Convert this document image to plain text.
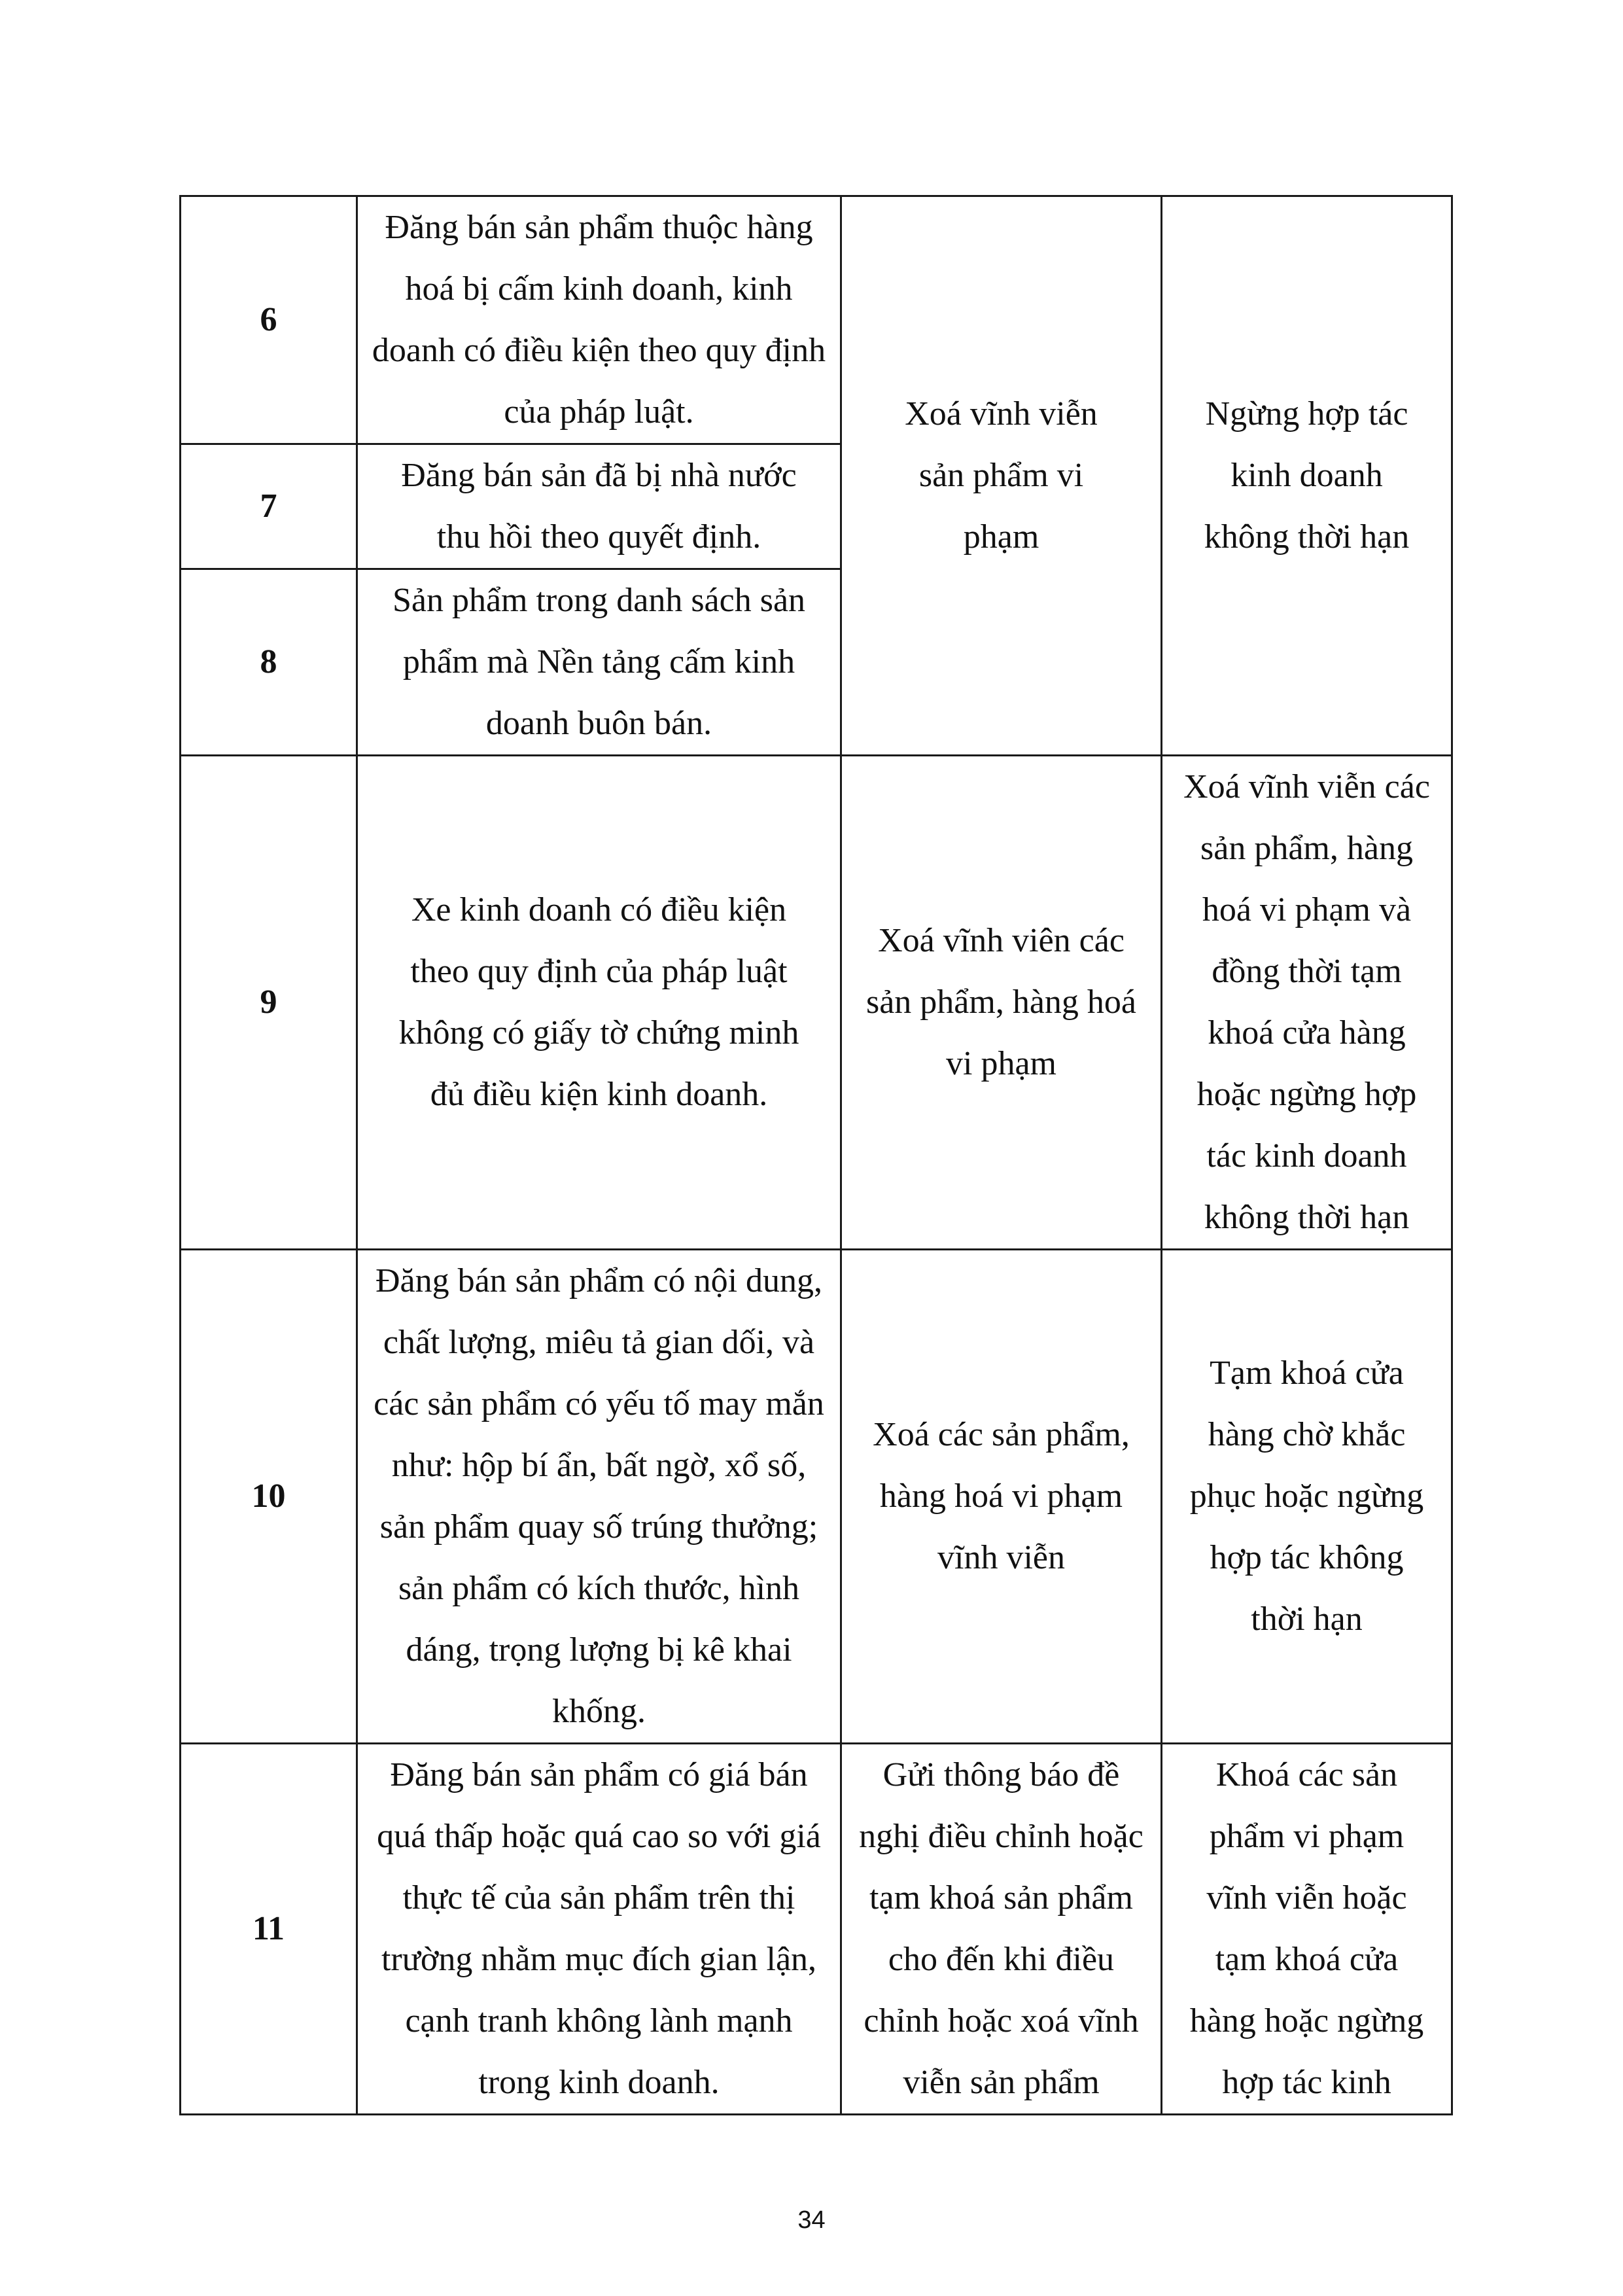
6	Đăng bán sản phẩm thuộc hàng hoá bị cấm kinh doanh, kinh doanh có điều kiện theo quy định của pháp luật.	Xoá vĩnh viễn sản phẩm vi phạm	Ngừng hợp tác kinh doanh không thời hạn
7	Đăng bán sản đã bị nhà nước thu hồi theo quyết định.		
8	Sản phẩm trong danh sách sản phẩm mà Nền tảng cấm kinh doanh buôn bán.		
9	Xe kinh doanh có điều kiện theo quy định của pháp luật không có giấy tờ chứng minh đủ điều kiện kinh doanh.	Xoá vĩnh viên các sản phẩm, hàng hoá vi phạm	Xoá vĩnh viễn các sản phẩm, hàng hoá vi phạm và đồng thời tạm khoá cửa hàng hoặc ngừng hợp tác kinh doanh không thời hạn
10	Đăng bán sản phẩm có nội dung, chất lượng, miêu tả gian dối, và các sản phẩm có yếu tố may mắn như: hộp bí ẩn, bất ngờ, xổ số, sản phẩm quay số trúng thưởng; sản phẩm có kích thước, hình dáng, trọng lượng bị kê khai khống.	Xoá các sản phẩm, hàng hoá vi phạm vĩnh viễn	Tạm khoá cửa hàng chờ khắc phục hoặc ngừng hợp tác không thời hạn
11	Đăng bán sản phẩm có giá bán quá thấp hoặc quá cao so với giá thực tế của sản phẩm trên thị trường nhằm mục đích gian lận, cạnh tranh không lành mạnh trong kinh doanh.	Gửi thông báo đề nghị điều chỉnh hoặc tạm khoá sản phẩm cho đến khi điều chỉnh hoặc xoá vĩnh viễn sản phẩm	Khoá các sản phẩm vi phạm vĩnh viễn hoặc tạm khoá cửa hàng hoặc ngừng hợp tác kinh
34
